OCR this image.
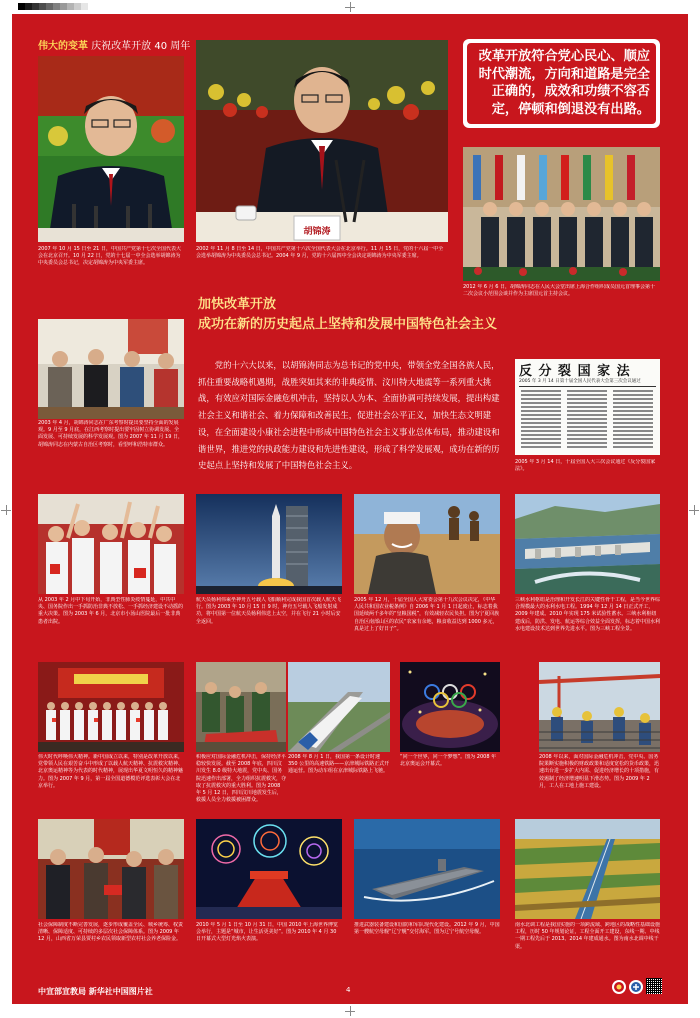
伟大的变革 庆祝改革开放 40 周年
2007 年 10 月 15 日至 21 日，中国共产党第十七次全国代表大会在北京召开。10 月 22 日，党的十七届一中全会选举胡锦涛为中央委员会总书记，决定胡锦涛为中央军委主席。
胡锦涛
2002 年 11 月 8 日至 14 日，中国共产党第十六次全国代表大会在北京举行。11 月 15 日，党的十六届一中全会选举胡锦涛为中央委员会总书记。2004 年 9 月，党的十六届四中全会决定胡锦涛为中央军委主席。
改革开放符合党心民心、顺应时代潮流，方向和道路是完全正确的，成效和功绩不容否定，停顿和倒退没有出路。
2012 年 6 月 6 日，胡锦涛同志在人民大会堂出席上海合作组织成员国元首理事会第十二次会议小范围会谈并作为主席国元首主持会议。
加快改革开放
成功在新的历史起点上坚持和发展中国特色社会主义
2003 年 4 月，胡锦涛同志在广东考察时提出要坚持全面的发展观。9 月至 9 月底，在江西考察时提出要牢固树立协调发展、全面发展、可持续发展的科学发展观。图为 2007 年 11 月 19 日，胡锦涛同志在内蒙古自治区考察时，看望呼和浩特市群众。
党的十六大以来，以胡锦涛同志为总书记的党中央，带领全党全国各族人民，抓住重要战略机遇期，战胜突如其来的非典疫情、汶川特大地震等一系列重大挑战，有效应对国际金融危机冲击，坚持以人为本、全面协调可持续发展，提出构建社会主义和谐社会、着力保障和改善民生，促进社会公平正义，加快生态文明建设，在全面建设小康社会进程中形成中国特色社会主义事业总体布局，推动建设和谐世界，推进党的执政能力建设和先进性建设，形成了科学发展观，成功在新的历史起点上坚持和发展了中国特色社会主义。
反 分 裂 国 家 法
2005 年 3 月 14 日第十届全国人民代表大会第三次会议通过
2005 年 3 月 14 日，十届全国人大三次会议通过《反分裂国家法》。
从 2003 年 2 月中下旬开始，非典型性肺炎疫情蔓延，中共中央、国务院作出一手抓防治非典不放松、一手抓经济建设不动摇的重大决策。图为 2003 年 6 月，北京市小汤山医院最后一批非典患者出院。
航天员杨利伟乘坐神舟五号载人飞船顺利完成我国首次载人航天飞行。图为 2003 年 10 月 15 日 9 时，神舟五号载人飞船发射成功，将中国第一位航天员杨利伟送上太空，并在飞行 21 小时后安全返回。
2005 年 12 月，十届全国人大常委会第十九次会议决定，《中华人民共和国农业税条例》自 2006 年 1 月 1 日起废止，标志着我国延续两千多年的“皇粮国税”，有效减轻农民负担。图为宁夏回族自治区南部山区的农民“农家有余地，粮食收益达到 1000 多元，真是过上了好日子”。
三峡水利枢纽是治理和开发长江的关键性骨干工程，是当今世界综合规模最大的水利水电工程。1994 年 12 月 14 日正式开工，2009 年建成。2010 年实现 175 米试验性蓄水。三峡水利枢纽建成后，防洪、发电、航运等综合效益全面发挥，标志着中国水利水电建设技术达到世界先进水平。图为三峡工程全景。
伟大时代呼唤伟大精神。新中国成立以来，特别是改革开放以来，党带领人民在艰苦奋斗中形成了以载人航天精神、抗震救灾精神、北京奥运精神等为代表的时代精神，展现出华夏文明恒久的精神魅力。图为 2007 年 9 月，第一届全国道德模范评选表彰大会在北京举行。
积极应对国际金融危机冲击，保持经济平稳较快发展。截至 2008 年底，四川汶川发生 8.0 级特大地震，党中央、国务院迅速作出部署，全力组织抗震救灾，夺取了抗震救灾的重大胜利。图为 2008 年 5 月 12 日，四川汶川地震发生后，救援人员全力救援被困群众。
2008 年 8 月 1 日，我国第一条设计时速 350 公里的高速铁路——京津城际铁路正式开通运营。图为动车组在京津城际铁路上飞驰。
“同一个世界，同一个梦想”。图为 2008 年北京奥运会开幕式。
2008 年以来，面对国际金融危机冲击，党中央、国务院果断实施积极的财政政策和适度宽松的货币政策，迅速出台进一步扩大内需、促进经济增长的十项措施，有效遏制了经济增速明显下滑态势。图为 2009 年 2 月，工人在工地上施工建设。
社会保障制度不断完善发展，逐步形成覆盖全民、城乡统筹、权责清晰、保障适度、可持续的多层次社会保障体系。图为 2009 年 12 月，山西省万荣县贾村乡农民领取新型农村社会养老保险金。
2010 年 5 月 1 日至 10 月 31 日，中国 2010 年上海世界博览会举行，主题是“城市，让生活更美好”。图为 2010 年 4 月 30 日开幕式大型灯光焰火表演。
推进武器装备建设和国防和军队现代化建设。2012 年 9 月，中国第一艘航空母舰“辽宁舰”交付海军。图为辽宁号航空母舰。
南水北调工程是我国实施的一项跨流域、跨地区的战略性基础设施工程，历时 50 年规划论证，工程全面开工建设，东线一期、中线一期工程先后于 2013、2014 年建成通水。图为南水北调中线干渠。
中宣部宣教局 新华社中国图片社	4
